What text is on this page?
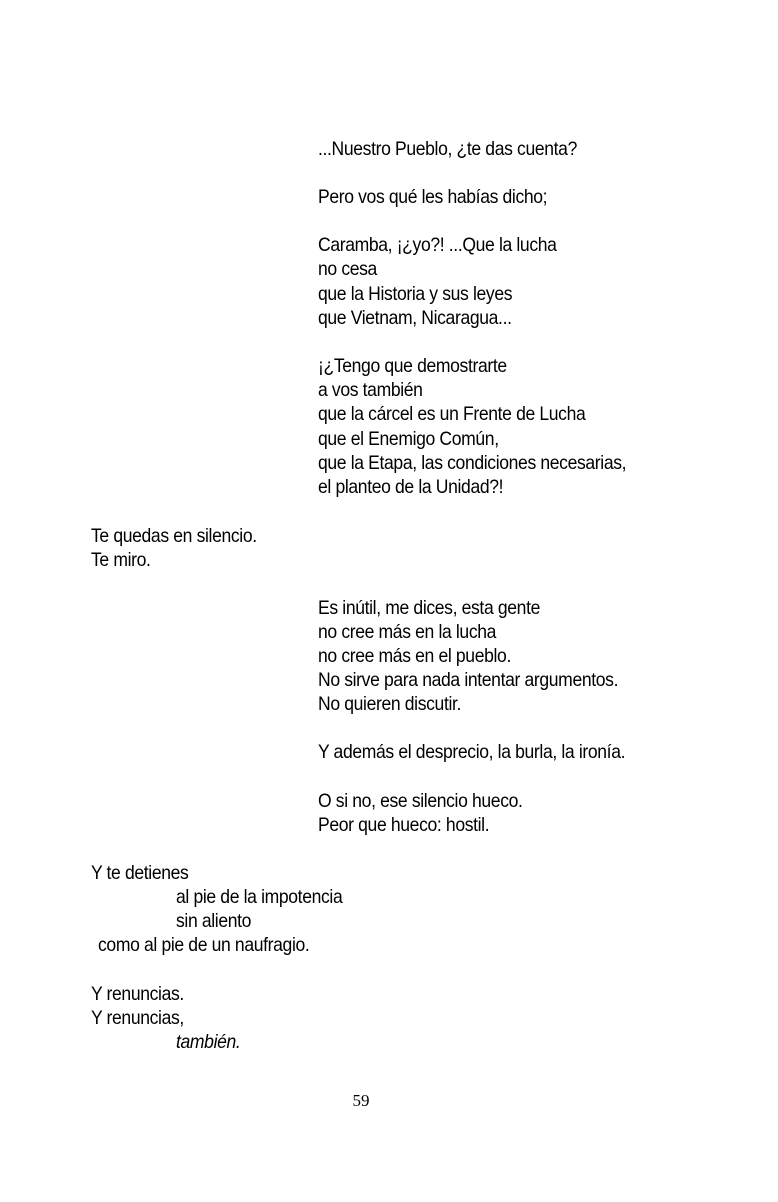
...Nuestro Pueblo, ¿te das cuenta?
Pero vos qué les habías dicho;
Caramba, ¡¿yo?! ...Que la lucha
no cesa
que la Historia y sus leyes
que Vietnam, Nicaragua...
¡¿Tengo que demostrarte
a vos también
que la cárcel es un Frente de Lucha
que el Enemigo Común,
que la Etapa, las condiciones necesarias,
el planteo de la Unidad?!
Te quedas en silencio.
Te miro.
Es inútil, me dices, esta gente
no cree más en la lucha
no cree más en el pueblo.
No sirve para nada intentar argumentos.
No quieren discutir.
Y además el desprecio, la burla, la ironía.
O si no, ese silencio hueco.
Peor que hueco: hostil.
Y te detienes
al pie de la impotencia
sin aliento
como al pie de un naufragio.
Y renuncias.
Y renuncias,
también.
59
